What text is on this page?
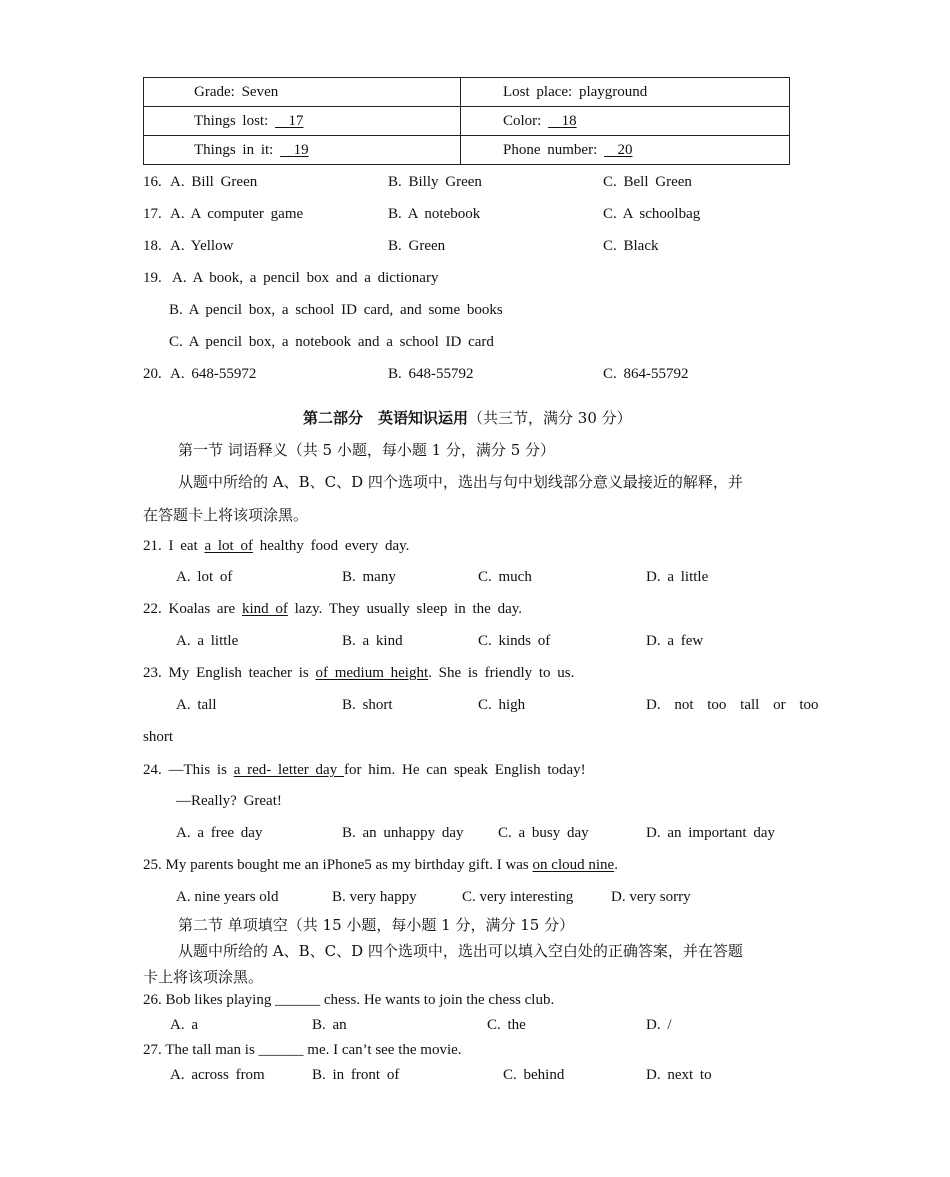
Grade: Seven	Lost place: playground
Things lost: 17	Color: 18
Things in it: 19	Phone number: 20
16. A. Bill Green	B. Billy Green	C. Bell Green
17. A. A computer game	B. A notebook	C. A schoolbag
18. A. Yellow	B. Green	C. Black
19. A. A book, a pencil box and a dictionary
B. A pencil box, a school ID card, and some books
C. A pencil box, a notebook and a school ID card
20. A. 648-55972	B. 648-55792	C. 864-55792
第二部分　英语知识运用（共三节，满分 30 分）
第一节 词语释义（共 5 小题，每小题 1 分，满分 5 分）
从题中所给的 A、B、C、D 四个选项中，选出与句中划线部分意义最接近的解释，并
在答题卡上将该项涂黑。
21. I eat a lot of healthy food every day.
A. lot of	B. many	C. much	D. a little
22. Koalas are kind of lazy. They usually sleep in the day.
A. a little	B. a kind	C. kinds of	D. a few
23. My English teacher is of medium height. She is friendly to us.
A. tall	B. short	C. high	D. not too tall or too
short
24. —This is a red- letter day for him. He can speak English today!
—Really? Great!
A. a free day	B. an unhappy day C. a busy day	D. an important day
25. My parents bought me an iPhone5 as my birthday gift. I was on cloud nine.
A. nine years old	B. very happy	C. very interesting	D. very sorry
第二节 单项填空（共 15 小题，每小题 1 分，满分 15 分）
从题中所给的 A、B、C、D 四个选项中，选出可以填入空白处的正确答案，并在答题
卡上将该项涂黑。
26. Bob likes playing ______ chess. He wants to join the chess club.
A. a	B. an	C. the	D. /
27. The tall man is ______ me. I can’t see the movie.
A. across from	B. in front of	C. behind	D. next to
